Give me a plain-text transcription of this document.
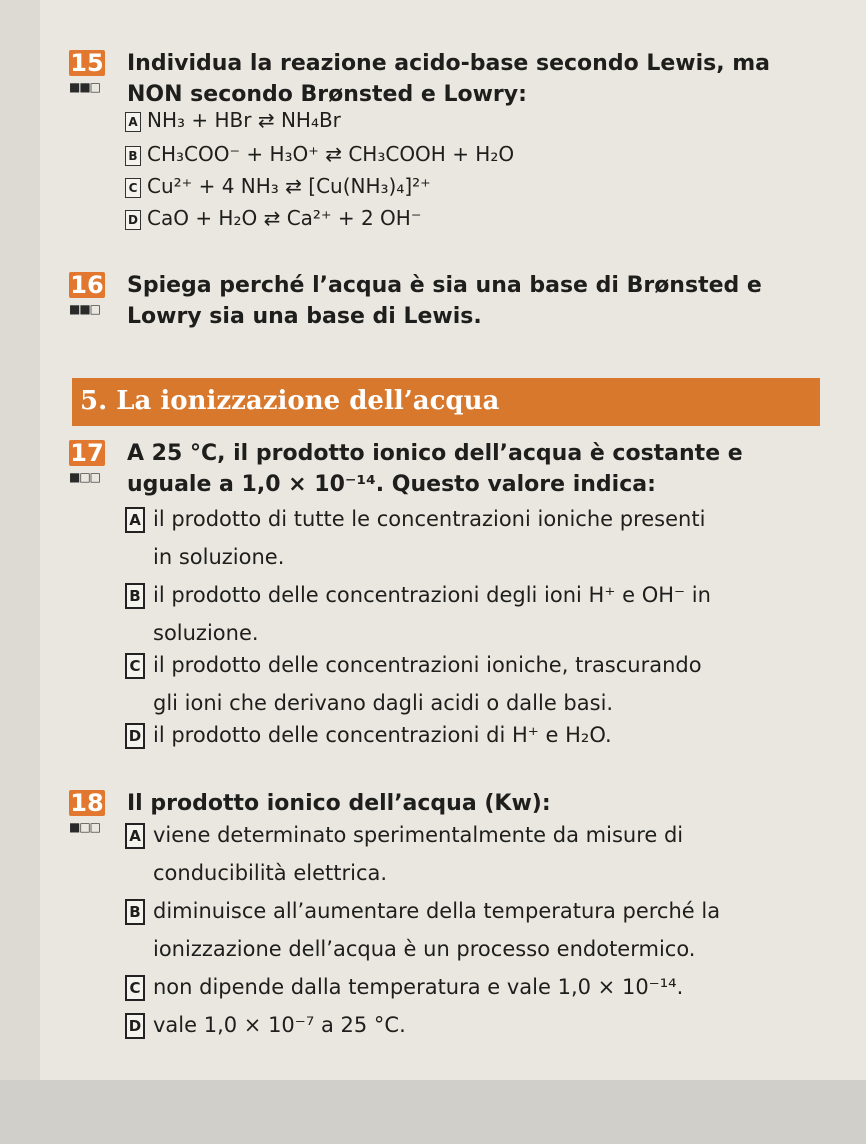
15
■■□
Individua la reazione acido-base secondo Lewis, ma
NON secondo Brønsted e Lowry:
A NH₃ + HBr ⇄ NH₄Br
B CH₃COO⁻ + H₃O⁺ ⇄ CH₃COOH + H₂O
C Cu²⁺ + 4 NH₃ ⇄ [Cu(NH₃)₄]²⁺
D CaO + H₂O ⇄ Ca²⁺ + 2 OH⁻
16
■■□
Spiega perché l’acqua è sia una base di Brønsted e
Lowry sia una base di Lewis.
5. La ionizzazione dell’acqua
17
■□□
A 25 °C, il prodotto ionico dell’acqua è costante e
uguale a 1,0 × 10⁻¹⁴. Questo valore indica:
A il prodotto di tutte le concentrazioni ioniche presenti
in soluzione.
B il prodotto delle concentrazioni degli ioni H⁺ e OH⁻ in
soluzione.
C il prodotto delle concentrazioni ioniche, trascurando
gli ioni che derivano dagli acidi o dalle basi.
D il prodotto delle concentrazioni di H⁺ e H₂O.
18
■□□
Il prodotto ionico dell’acqua (Kw):
A viene determinato sperimentalmente da misure di
conducibilità elettrica.
B diminuisce all’aumentare della temperatura perché la
ionizzazione dell’acqua è un processo endotermico.
C non dipende dalla temperatura e vale 1,0 × 10⁻¹⁴.
D vale 1,0 × 10⁻⁷ a 25 °C.
